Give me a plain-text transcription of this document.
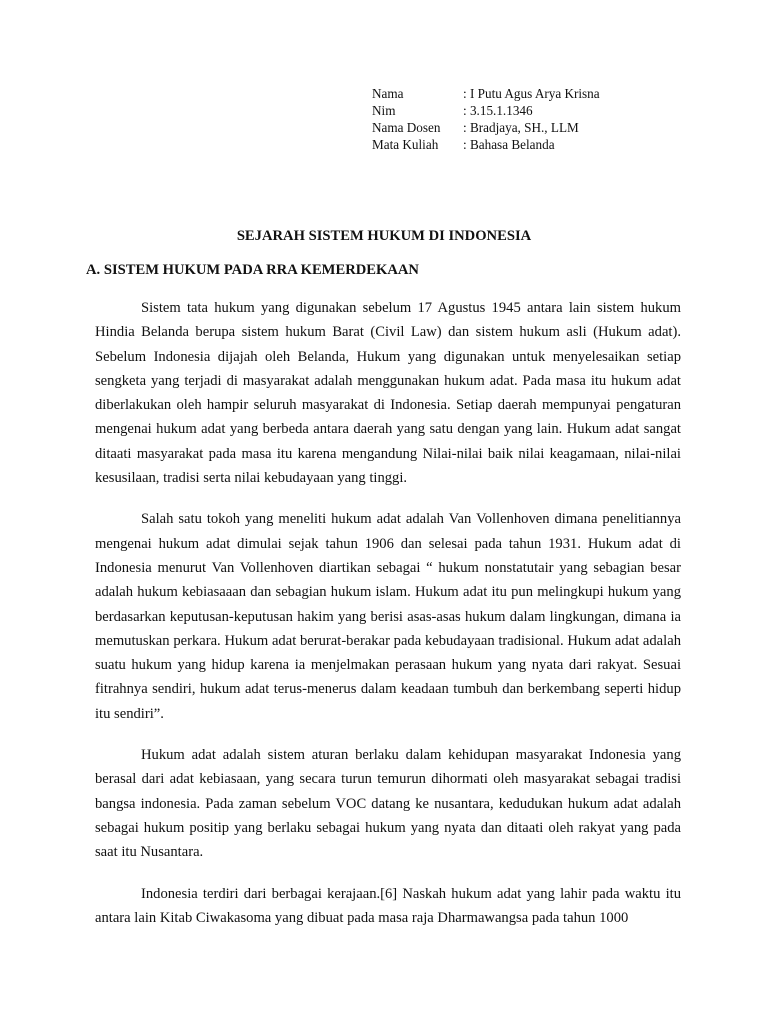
Nama	: I Putu Agus Arya Krisna
Nim	: 3.15.1.1346
Nama Dosen	: Bradjaya, SH., LLM
Mata Kuliah	: Bahasa Belanda
SEJARAH SISTEM HUKUM DI INDONESIA
A. SISTEM HUKUM PADA RRA KEMERDEKAAN

Sistem tata hukum yang digunakan sebelum 17 Agustus 1945 antara lain sistem hukum Hindia Belanda berupa sistem hukum Barat (Civil Law) dan sistem hukum asli (Hukum adat). Sebelum Indonesia dijajah oleh Belanda, Hukum yang digunakan untuk menyelesaikan setiap sengketa yang terjadi di masyarakat adalah menggunakan hukum adat. Pada masa itu hukum adat diberlakukan oleh hampir seluruh masyarakat di Indonesia. Setiap daerah mempunyai pengaturan mengenai hukum adat yang berbeda antara daerah yang satu dengan yang lain. Hukum adat sangat ditaati masyarakat pada masa itu karena mengandung Nilai-nilai baik nilai keagamaan, nilai-nilai kesusilaan, tradisi serta nilai kebudayaan yang tinggi.

Salah satu tokoh yang meneliti hukum adat adalah Van Vollenhoven dimana penelitiannya mengenai hukum adat dimulai sejak tahun 1906 dan selesai pada tahun 1931. Hukum adat di Indonesia menurut Van Vollenhoven diartikan sebagai “ hukum nonstatutair yang sebagian besar adalah hukum kebiasaaan dan sebagian hukum islam. Hukum adat itu pun melingkupi hukum yang berdasarkan keputusan-keputusan hakim yang berisi asas-asas hukum dalam lingkungan, dimana ia memutuskan perkara. Hukum adat berurat-berakar pada kebudayaan tradisional. Hukum adat adalah suatu hukum yang hidup karena ia menjelmakan perasaan hukum yang nyata dari rakyat. Sesuai fitrahnya sendiri, hukum adat terus-menerus dalam keadaan tumbuh dan berkembang seperti hidup itu sendiri”.

Hukum adat adalah sistem aturan berlaku dalam kehidupan masyarakat Indonesia yang berasal dari adat kebiasaan, yang secara turun temurun dihormati oleh masyarakat sebagai tradisi bangsa indonesia. Pada zaman sebelum VOC datang ke nusantara, kedudukan hukum adat adalah sebagai hukum positip yang berlaku sebagai hukum yang nyata dan ditaati oleh rakyat yang pada saat itu Nusantara.

Indonesia terdiri dari berbagai kerajaan.[6] Naskah hukum adat yang lahir pada waktu itu antara lain Kitab Ciwakasoma yang dibuat pada masa raja Dharmawangsa pada tahun 1000
